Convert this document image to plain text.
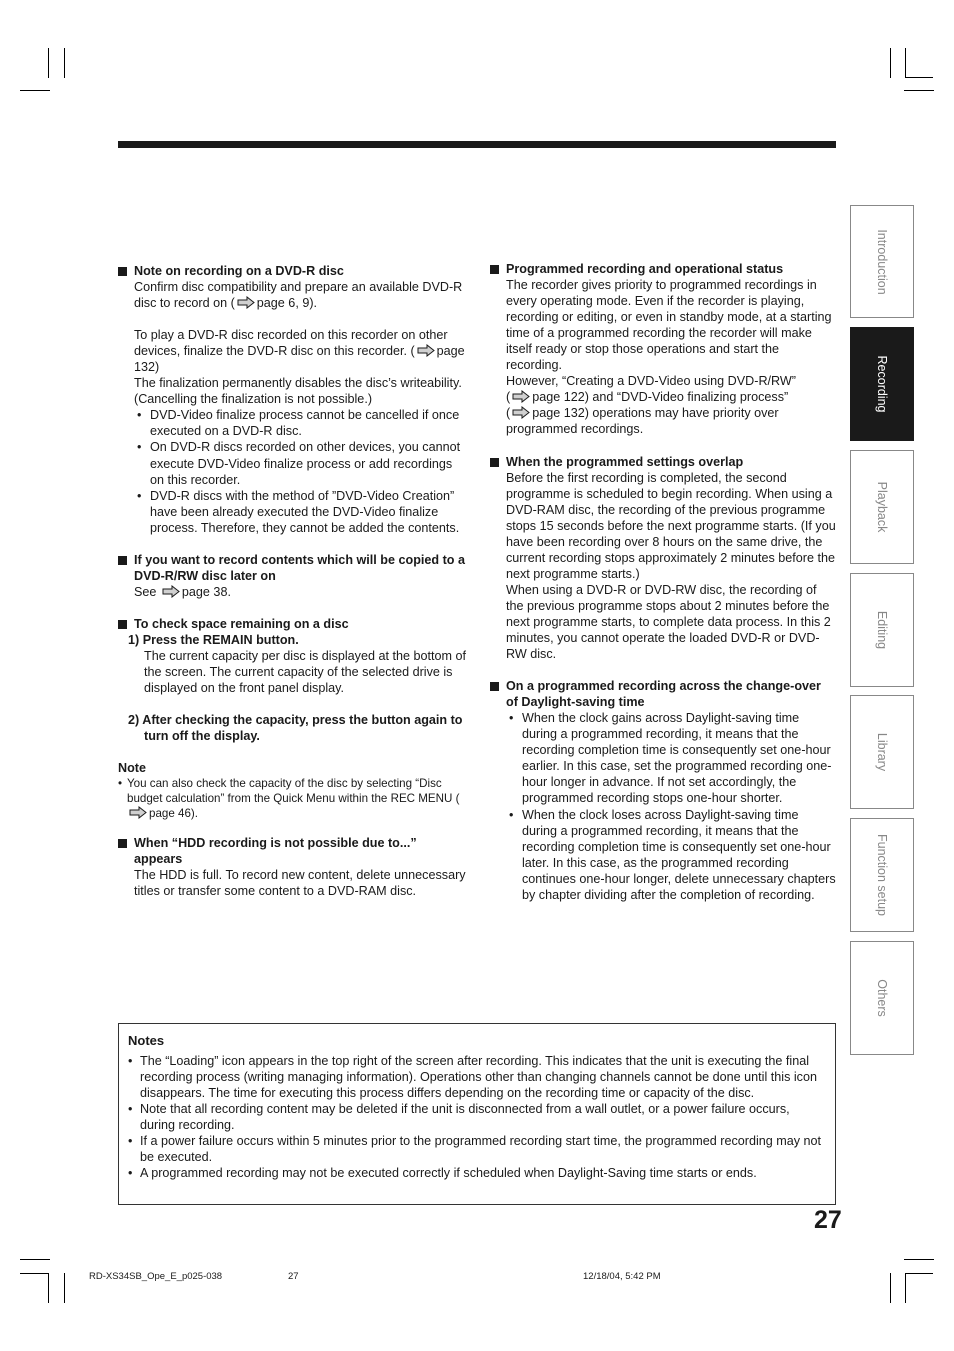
Note on recording on a DVD-R disc

Confirm disc compatibility and prepare an available DVD-R disc to record on ( page 6, 9).

To play a DVD-R disc recorded on this recorder on other devices, finalize the DVD-R disc on this recorder. ( page 132)

The finalization permanently disables the disc’s writeability. (Cancelling the finalization is not possible.)

• DVD-Video finalize process cannot be cancelled if once executed on a DVD-R disc.
• On DVD-R discs recorded on other devices, you cannot execute DVD-Video finalize process or add recordings on this recorder.
• DVD-R discs with the method of ”DVD-Video Creation” have been already executed the DVD-Video finalize process. Therefore, they cannot be added the contents.
If you want to record contents which will be copied to a DVD-R/RW disc later on

See page 38.

To check space remaining on a disc
1) Press the REMAIN button.

The current capacity per disc is displayed at the bottom of the screen. The current capacity of the selected drive is displayed on the front panel display.

2) After checking the capacity, press the button again to turn off the display.
Note
• You can also check the capacity of the disc by selecting “Disc budget calculation” from the Quick Menu within the REC MENU (page 46).
When “HDD recording is not possible due to...” appears

The HDD is full. To record new content, delete unnecessary titles or transfer some content to a DVD-RAM disc.

Programmed recording and operational status

The recorder gives priority to programmed recordings in every operating mode. Even if the recorder is playing, recording or editing, or even in standby mode, at a starting time of a programmed recording the recorder will make itself ready or stop those operations and start the recording.

However, “Creating a DVD-Video using DVD-R/RW”
( page 122) and “DVD-Video finalizing process”
( page 132) operations may have priority over programmed recordings.

When the programmed settings overlap

Before the first recording is completed, the second programme is scheduled to begin recording. When using a DVD-RAM disc, the recording of the previous programme stops 15 seconds before the next programme starts. (If you have been recording over 8 hours on the same drive, the current recording stops approximately 2 minutes before the next programme starts.)

When using a DVD-R or DVD-RW disc, the recording of the previous programme stops about 2 minutes before the next programme starts, to complete data process. In this 2 minutes, you cannot operate the loaded DVD-R or DVD-RW disc.

On a programmed recording across the change-over of Daylight-saving time
• When the clock gains across Daylight-saving time during a programmed recording, it means that the recording completion time is consequently set one-hour earlier. In this case, set the programmed recording one-hour longer in advance. If not set accordingly, the programmed recording stops one-hour shorter.
• When the clock loses across Daylight-saving time during a programmed recording, it means that the recording completion time is consequently set one-hour later. In this case, as the programmed recording continues one-hour longer, delete unnecessary chapters by chapter dividing after the completion of recording.
Introduction
Recording
Playback
Editing
Library
Function setup
Others
Notes
• The “Loading” icon appears in the top right of the screen after recording. This indicates that the unit is executing the final recording process (writing managing information). Operations other than changing channels cannot be done until this icon disappears. The time for executing this process differs depending on the recording time or capacity of the disc.
• Note that all recording content may be deleted if the unit is disconnected from a wall outlet, or a power failure occurs, during recording.
• If a power failure occurs within 5 minutes prior to the programmed recording start time, the programmed recording may not be executed.
• A programmed recording may not be executed correctly if scheduled when Daylight-Saving time starts or ends.
27
RD-XS34SB_Ope_E_p025-038	27	12/18/04, 5:42 PM
